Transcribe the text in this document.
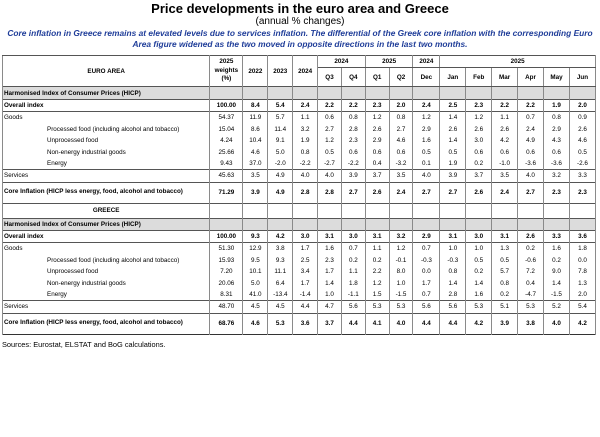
Price developments in the euro area and Greece
(annual % changes)
Core inflation in Greece remains at elevated levels due to services inflation. The differential of the Greek core inflation with the corresponding Euro Area figure widened as the two moved in opposite directions in the last two months.
EURO AREA	2025 weights (%)	2022	2023	2024	2024		2025		2024	2025					
					Q3	Q4	Q1	Q2	Dec	Jan	Feb	Mar	Apr	May	Jun
Harmonised Index of Consumer Prices (HICP)															
Overall index	100.00	8.4	5.4	2.4	2.2	2.2	2.3	2.0	2.4	2.5	2.3	2.2	2.2	1.9	2.0
Goods	54.37	11.9	5.7	1.1	0.6	0.8	1.2	0.8	1.2	1.4	1.2	1.1	0.7	0.8	0.9
Processed food (including alcohol and tobacco)	15.04	8.6	11.4	3.2	2.7	2.8	2.6	2.7	2.9	2.6	2.6	2.6	2.4	2.9	2.6
Unprocessed food	4.24	10.4	9.1	1.9	1.2	2.3	2.9	4.6	1.6	1.4	3.0	4.2	4.9	4.3	4.6
Non-energy industrial goods	25.66	4.6	5.0	0.8	0.5	0.6	0.6	0.6	0.5	0.5	0.6	0.6	0.6	0.6	0.5
Energy	9.43	37.0	-2.0	-2.2	-2.7	-2.2	0.4	-3.2	0.1	1.9	0.2	-1.0	-3.6	-3.6	-2.6
Services	45.63	3.5	4.9	4.0	4.0	3.9	3.7	3.5	4.0	3.9	3.7	3.5	4.0	3.2	3.3
Core Inflation (HICP less energy, food, alcohol and tobacco)	71.29	3.9	4.9	2.8	2.8	2.7	2.6	2.4	2.7	2.7	2.6	2.4	2.7	2.3	2.3
GREECE															
Harmonised Index of Consumer Prices (HICP)															
Overall index	100.00	9.3	4.2	3.0	3.1	3.0	3.1	3.2	2.9	3.1	3.0	3.1	2.6	3.3	3.6
Goods	51.30	12.9	3.8	1.7	1.6	0.7	1.1	1.2	0.7	1.0	1.0	1.3	0.2	1.6	1.8
Processed food (including alcohol and tobacco)	15.93	9.5	9.3	2.5	2.3	0.2	0.2	-0.1	-0.3	-0.3	0.5	0.5	-0.6	0.2	0.0
Unprocessed food	7.20	10.1	11.1	3.4	1.7	1.1	2.2	8.0	0.0	0.8	0.2	5.7	7.2	9.0	7.8
Non-energy industrial goods	20.06	5.0	6.4	1.7	1.4	1.8	1.2	1.0	1.7	1.4	1.4	0.8	0.4	1.4	1.3
Energy	8.31	41.0	-13.4	-1.4	1.0	-1.1	1.5	-1.5	0.7	2.8	1.6	0.2	-4.7	-1.5	2.0
Services	48.70	4.5	4.5	4.4	4.7	5.6	5.3	5.3	5.6	5.6	5.3	5.1	5.3	5.2	5.4
Core Inflation (HICP less energy, food, alcohol and tobacco)	68.76	4.6	5.3	3.6	3.7	4.4	4.1	4.0	4.4	4.4	4.2	3.9	3.8	4.0	4.2
Sources: Eurostat, ELSTAT and BoG calculations.
